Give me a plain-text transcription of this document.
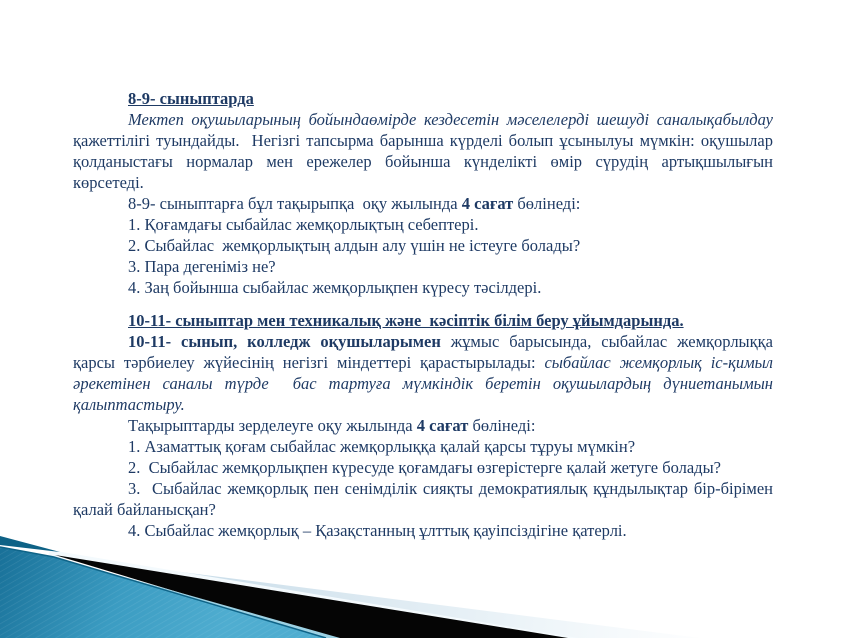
8-9- сыныптарда
Мектеп оқушыларының бойындаөмірде кездесетін мәселелерді шешуді саналықабылдау қажеттілігі туындайды.  Негізгі тапсырма барынша күрделі болып ұсынылуы мүмкін: оқушылар қолданыстағы нормалар мен ережелер бойынша күнделікті өмір сүрудің артықшылығын көрсетеді.
8-9- сыныптарға бұл тақырыпқа  оқу жылында 4 сағат бөлінеді:
1. Қоғамдағы сыбайлас жемқорлықтың себептері.
2. Сыбайлас  жемқорлықтың алдын алу үшін не істеуге болады?
3. Пара дегеніміз не?
4. Заң бойынша сыбайлас жемқорлықпен күресу тәсілдері.
10-11- сыныптар мен техникалық және  кәсіптік білім беру ұйымдарында.
10-11- сынып, колледж оқушыларымен жұмыс барысында, сыбайлас жемқорлыққа қарсы тәрбиелеу жүйесінің негізгі міндеттері қарастырылады: сыбайлас жемқорлық іс-қимыл әрекетінен саналы түрде  бас тартуға мүмкіндік беретін оқушылардың дүниетанымын қалыптастыру.
Тақырыптарды зерделеуге оқу жылында 4 сағат бөлінеді:
1. Азаматтық қоғам сыбайлас жемқорлыққа қалай қарсы тұруы мүмкін?
2.  Сыбайлас жемқорлықпен күресуде қоғамдағы өзгерістерге қалай жетуге болады?
3.  Сыбайлас жемқорлық пен сенімділік сияқты демократиялық құндылықтар бір-бірімен қалай байланысқан?
4. Сыбайлас жемқорлық – Қазақстанның ұлттық қауіпсіздігіне қатерлі.
